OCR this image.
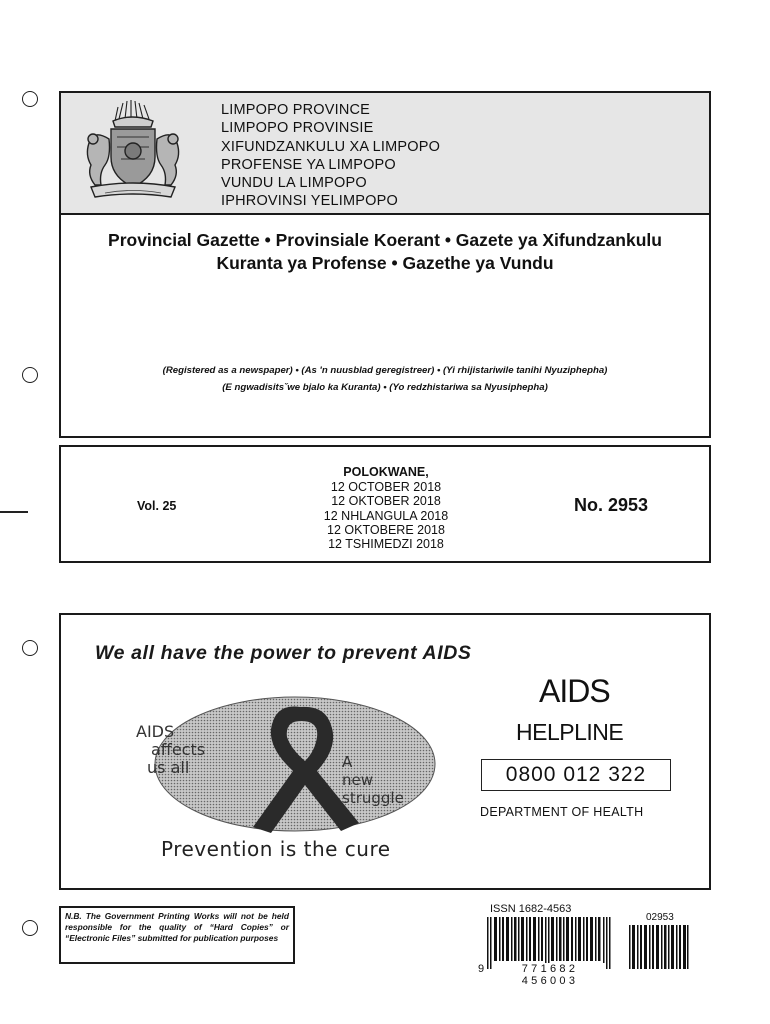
LIMPOPO PROVINCE
LIMPOPO PROVINSIE
XIFUNDZANKULU XA LIMPOPO
PROFENSE YA LIMPOPO
VUNDU LA LIMPOPO
IPHROVINSI YELIMPOPO
Provincial Gazette • Provinsiale Koerant • Gazete ya Xifundzankulu
Kuranta ya Profense • Gazethe ya Vundu
(Registered as a newspaper) • (As 'n nuusblad geregistreer) • (Yi rhijistariwile tanihi Nyuziphepha)
(E ngwadisitsˇwe bjalo ka Kuranta) • (Yo redzhistariwa sa Nyusiphepha)
Vol. 25
POLOKWANE,
12 OCTOBER 2018
12 OKTOBER 2018
12 NHLANGULA 2018
12 OKTOBERE 2018
12 TSHIMEDZI 2018
No. 2953
We all have the power to prevent AIDS
AIDS
affects
us all	A
new
struggle
Prevention is the cure
AIDS
HELPLINE
0800 012 322
DEPARTMENT OF HEALTH
N.B. The Government Printing Works will not be held responsible for the quality of “Hard Copies” or “Electronic Files” submitted for publication purposes
ISSN 1682-4563
9	771682 456003
02953
